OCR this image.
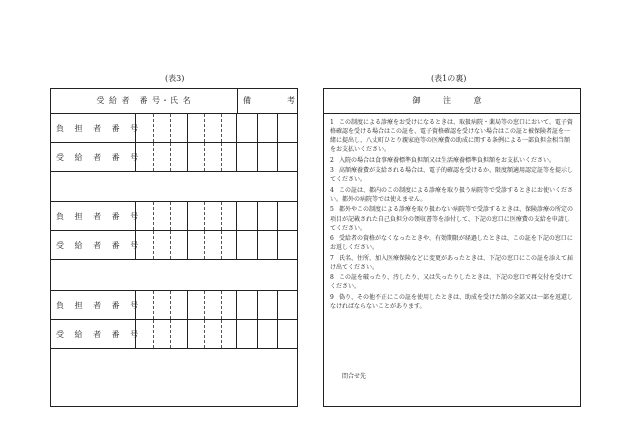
(表3)	(表1の裏)
受 給 者　番 号・氏 名	備	考
負 担 者 番 号
受 給 者 番 号
負 担 者 番 号
受 給 者 番 号
負 担 者 番 号
受 給 者 番 号
御 注 意
1 この制度による診療をお受けになるときは、取扱病院・薬局等の窓口において、電子資格確認を受ける場合はこの証を、電子資格確認を受けない場合はこの証と被保険者証を一緒に提出し、八丈町ひとり親家庭等の医療費の助成に関する条例による一部負担金相当額をお支払いください。
2 入院の場合は食事療養標準負担額又は生活療養標準負担額をお支払いください。
3 高額療養費が支給される場合は、電子的確認を受けるか、限度額適用認定証等を提示してください。
4 この証は、都内のこの制度による診療を取り扱う病院等で受診するときにお使いください。都外の病院等では使えません。
5 都外やこの制度による診療を取り扱わない病院等で受診するときは、保険診療の所定の項目が記載された自己負担分の領収書等を添付して、下記の窓口に医療費の支給を申請してください。
6 受給者の資格がなくなったときや、有効期限が経過したときは、この証を下記の窓口にお返しください。
7 氏名、住所、加入医療保険などに変更があったときは、下記の窓口にこの証を添えて届け出てください。
8 この証を破ったり、汚したり、又は失ったりしたときは、下記の窓口で再交付を受けてください。
9 偽り、その他不正にこの証を使用したときは、助成を受けた額の全部又は一部を返還しなければならないことがあります。
問合せ先
